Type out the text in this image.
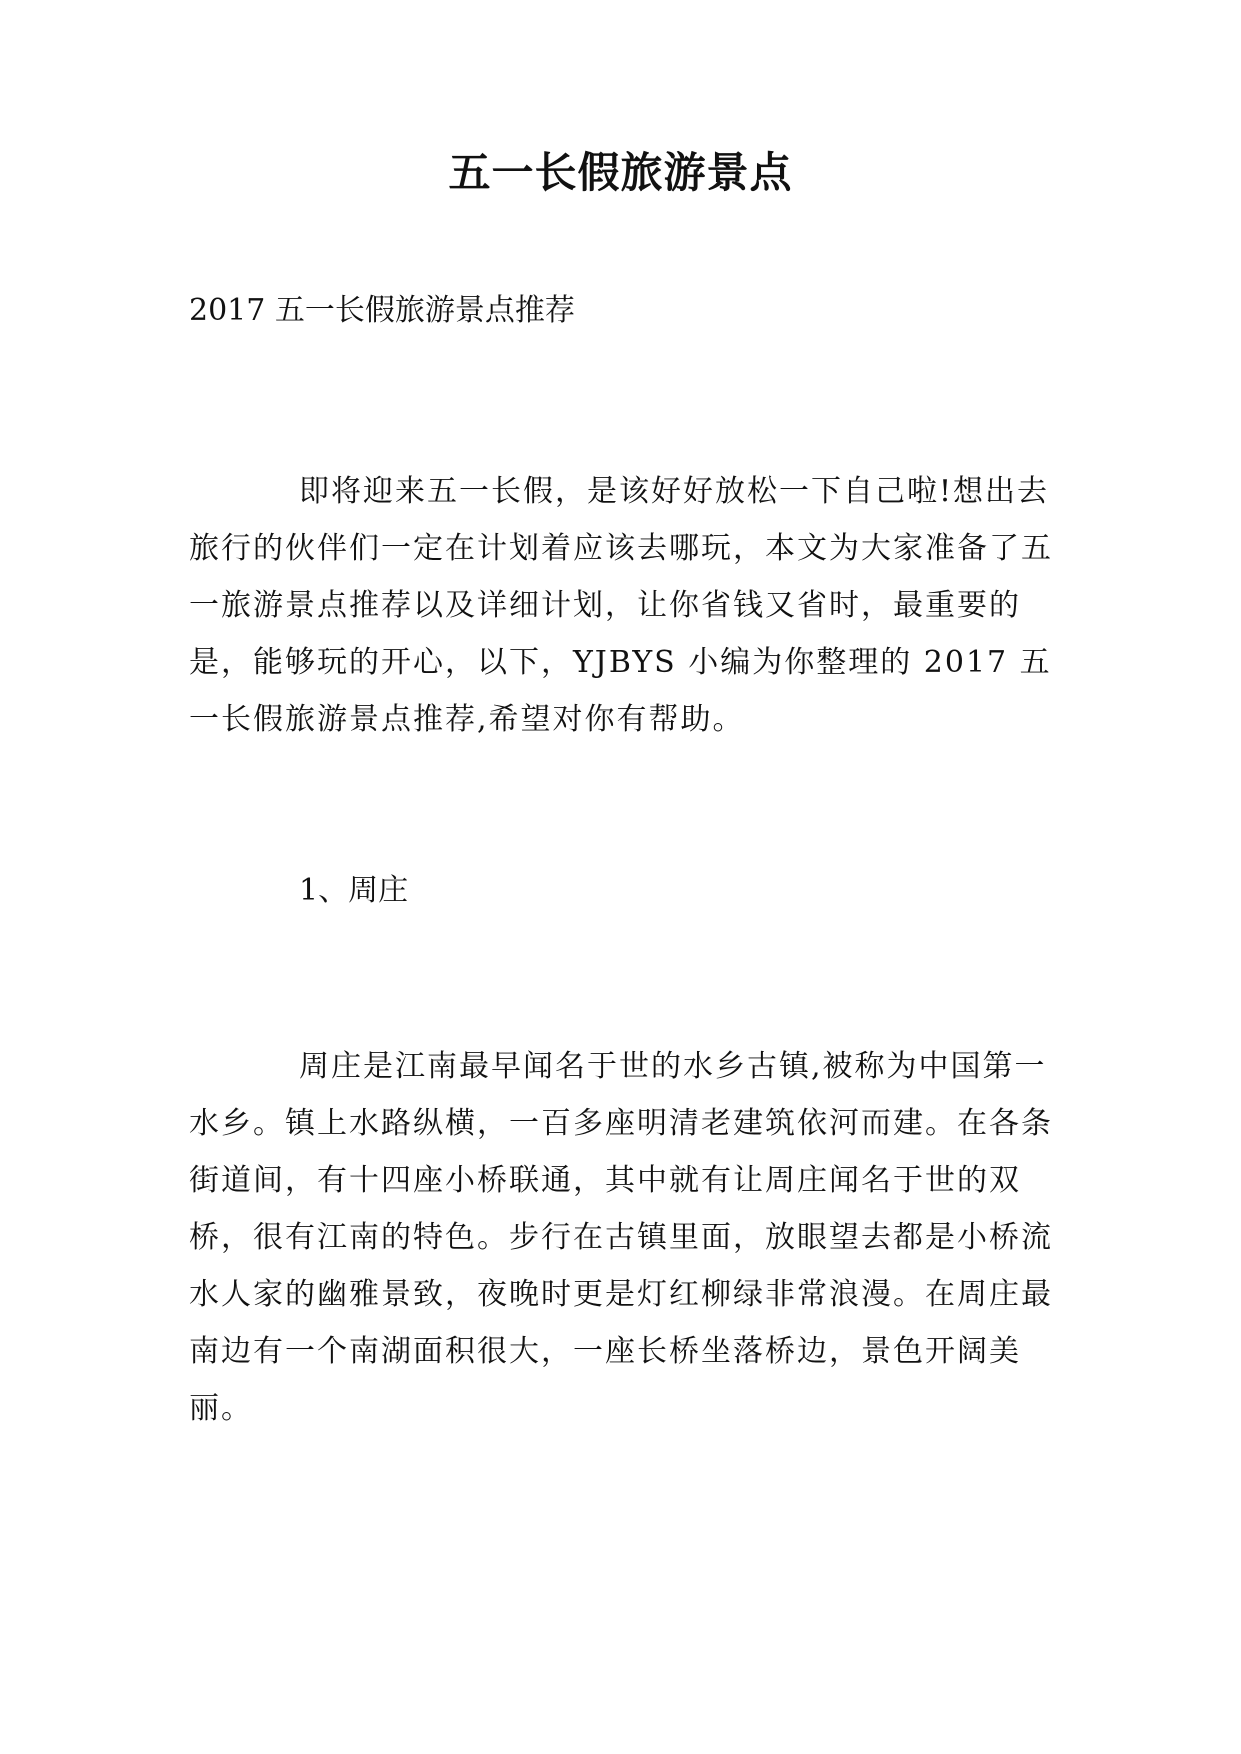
五一长假旅游景点
2017 五一长假旅游景点推荐

即将迎来五一长假，是该好好放松一下自己啦!想出去旅行的伙伴们一定在计划着应该去哪玩，本文为大家准备了五一旅游景点推荐以及详细计划，让你省钱又省时，最重要的是，能够玩的开心，以下，YJBYS 小编为你整理的 2017 五一长假旅游景点推荐,希望对你有帮助。

1、周庄

周庄是江南最早闻名于世的水乡古镇,被称为中国第一水乡。镇上水路纵横，一百多座明清老建筑依河而建。在各条街道间，有十四座小桥联通，其中就有让周庄闻名于世的双桥，很有江南的特色。步行在古镇里面，放眼望去都是小桥流水人家的幽雅景致，夜晚时更是灯红柳绿非常浪漫。在周庄最南边有一个南湖面积很大，一座长桥坐落桥边，景色开阔美丽。
